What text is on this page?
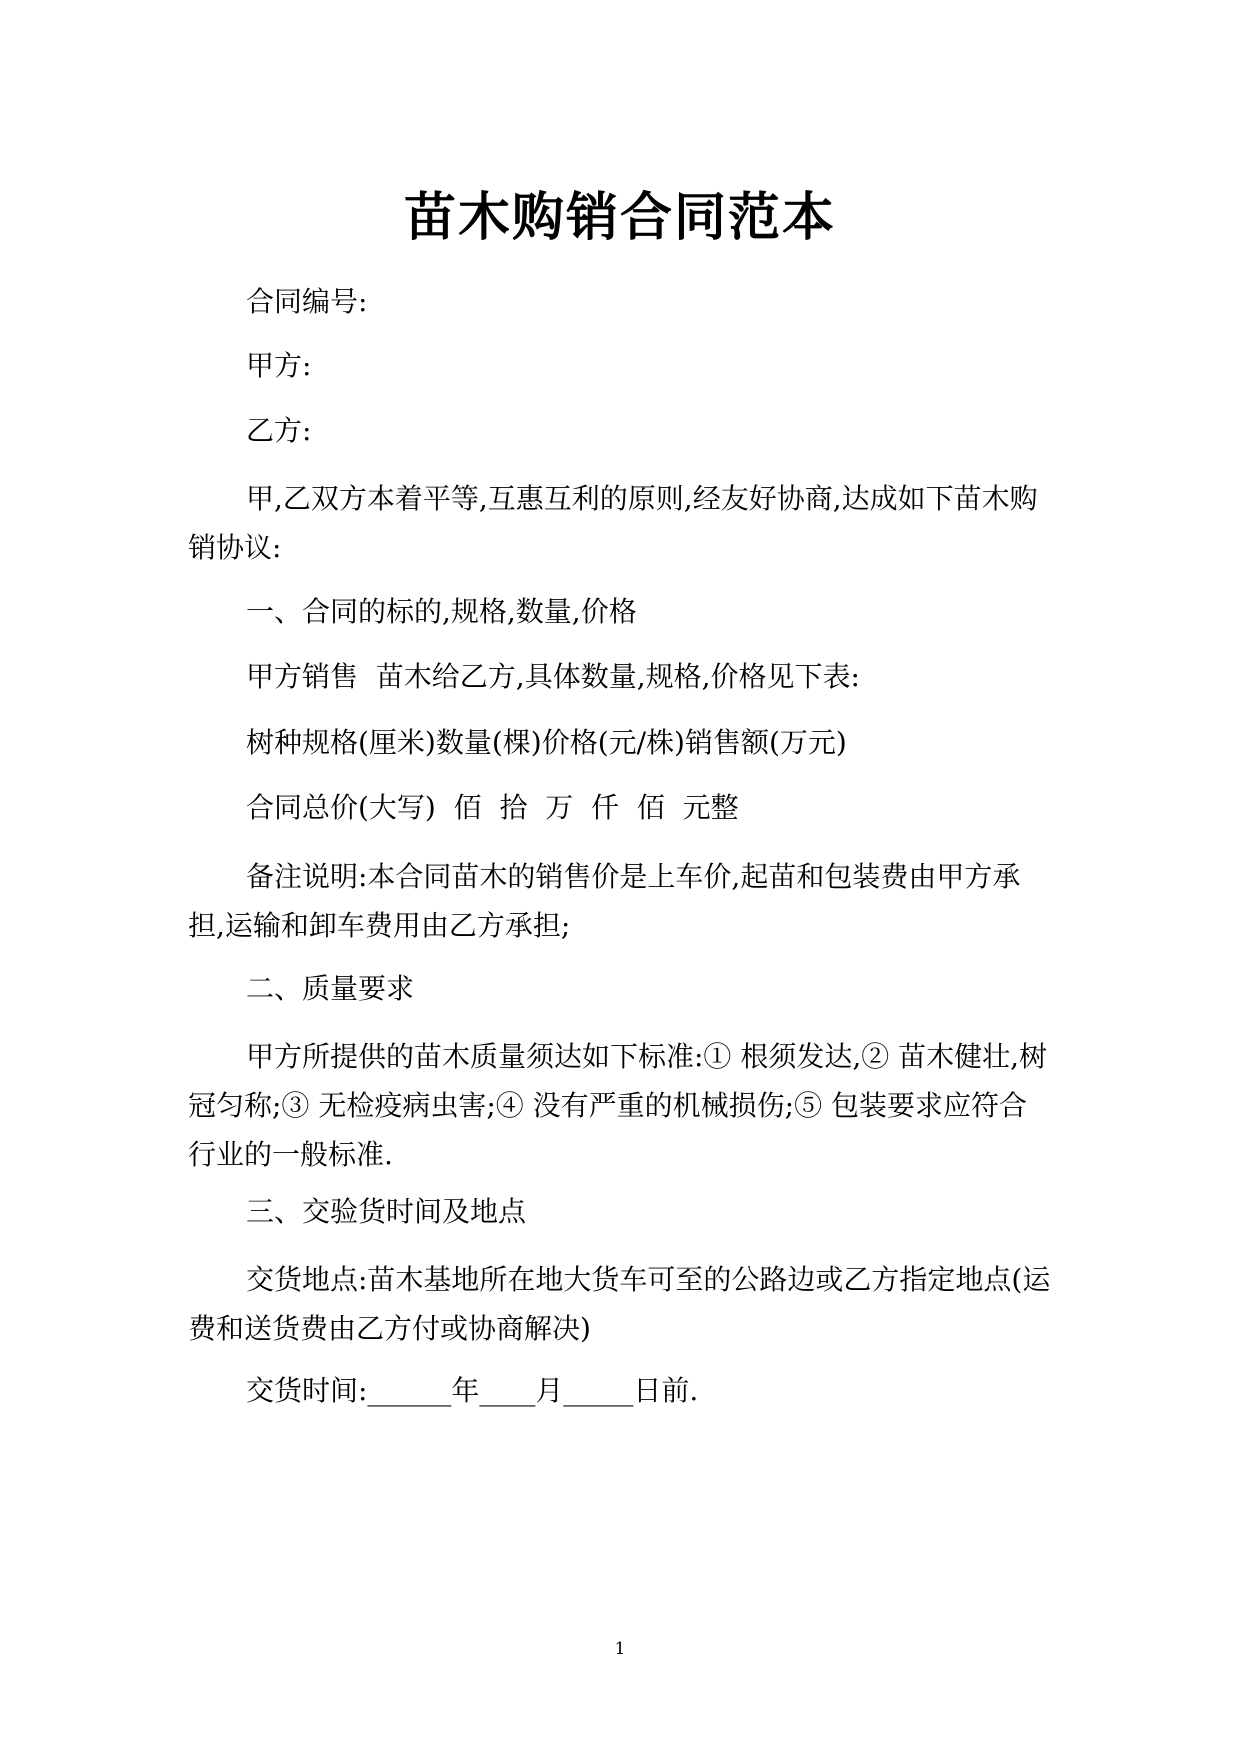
苗木购销合同范本

合同编号:

甲方:

乙方:

甲,乙双方本着平等,互惠互利的原则,经友好协商,达成如下苗木购销协议:

一、合同的标的,规格,数量,价格

甲方销售  苗木给乙方,具体数量,规格,价格见下表:

树种规格(厘米)数量(棵)价格(元/株)销售额(万元)

合同总价(大写)  佰  拾  万  仟  佰  元整

备注说明:本合同苗木的销售价是上车价,起苗和包装费由甲方承担,运输和卸车费用由乙方承担;

二、质量要求

甲方所提供的苗木质量须达如下标准:① 根须发达,② 苗木健壮,树冠匀称;③ 无检疫病虫害;④ 没有严重的机械损伤;⑤ 包装要求应符合行业的一般标准.

三、交验货时间及地点

交货地点:苗木基地所在地大货车可至的公路边或乙方指定地点(运费和送货费由乙方付或协商解决)

交货时间:______年____月_____日前.

1
